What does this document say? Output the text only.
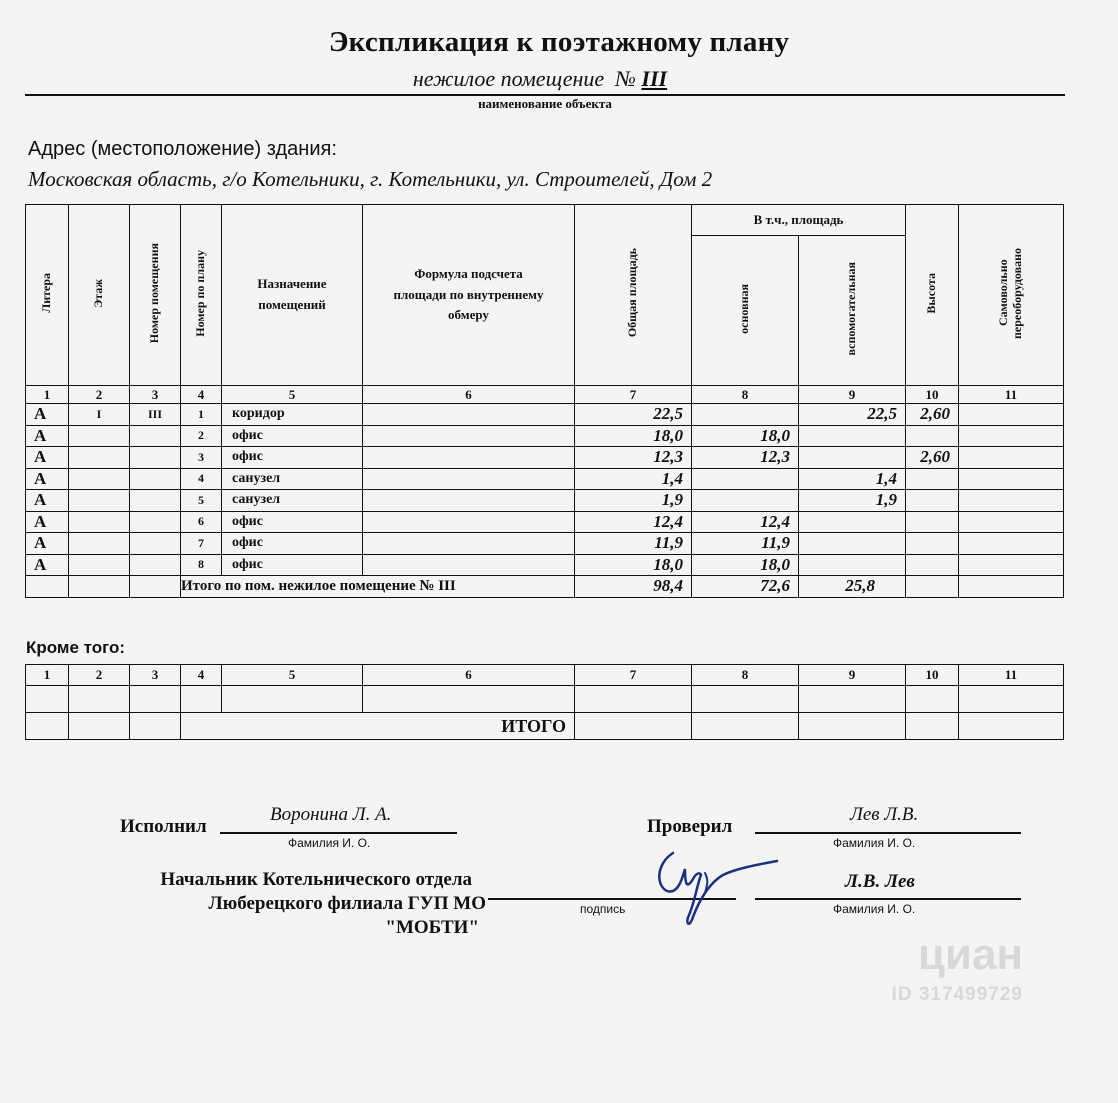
Экспликация к поэтажному плану
нежилое помещение № III
наименование объекта
Адрес (местоположение) здания:
Московская область, г/о Котельники, г. Котельники, ул. Строителей, Дом 2
Литера	Этаж	Номер помещения	Номер по плану	Назначение помещений	Формула подсчета площади по внутреннему обмеру	Общая площадь	В т.ч., площадь		Высота	Самовольно переоборудовано
							основная	вспомогательная		
1	2	3	4	5	6	7	8	9	10	11
А	I	III	1	коридор		22,5		22,5	2,60	
А			2	офис		18,0	18,0			
А			3	офис		12,3	12,3		2,60	
А			4	санузел		1,4		1,4		
А			5	санузел		1,9		1,9		
А			6	офис		12,4	12,4			
А			7	офис		11,9	11,9			
А			8	офис		18,0	18,0			
			Итого по пом. нежилое помещение № III			98,4	72,6	25,8		
Кроме того:
1	2	3	4	5	6	7	8	9	10	11

			ИТОГО							
Исполнил
Воронина Л. А.
Фамилия И. О.
Проверил
Лев Л.В.
Фамилия И. О.
Начальник Котельнического отдела
Люберецкого филиала ГУП МО
"МОБТИ"
подпись
Л.В. Лев
Фамилия И. О.
циан
ID 317499729
